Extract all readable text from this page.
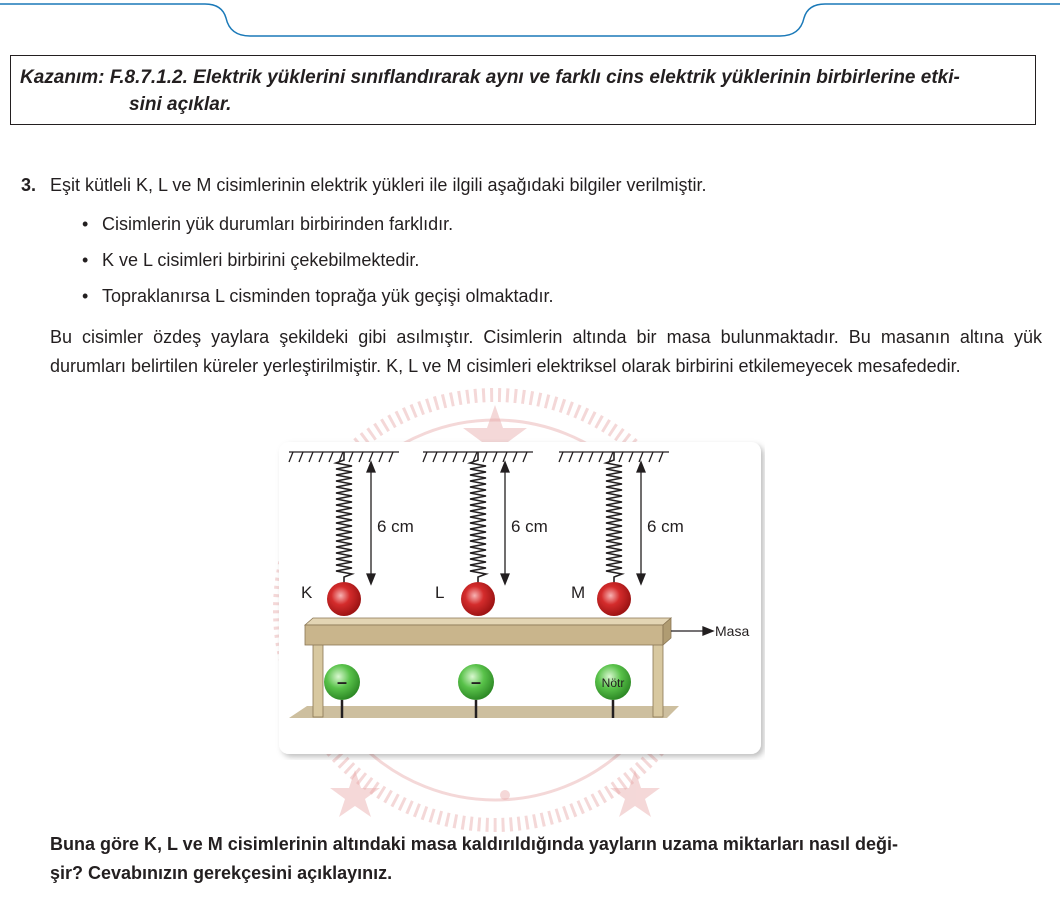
Kazanım: F.8.7.1.2. Elektrik yüklerini sınıflandırarak aynı ve farklı cins elektrik yüklerinin birbirlerine etki-
sini açıklar.
3. Eşit kütleli K, L ve M cisimlerinin elektrik yükleri ile ilgili aşağıdaki bilgiler verilmiştir.
• Cisimlerin yük durumları birbirinden farklıdır.
• K ve L cisimleri birbirini çekebilmektedir.
• Topraklanırsa L cisminden toprağa yük geçişi olmaktadır.
Bu cisimler özdeş yaylara şekildeki gibi asılmıştır. Cisimlerin altında bir masa bulunmaktadır. Bu masanın altına yük durumları belirtilen küreler yerleştirilmiştir. K, L ve M cisimleri elektriksel olarak birbirini etkilemeyecek mesafededir.
6 cm	6 cm	6 cm
K	L	M
Masa
–	–	Nötr
Buna göre K, L ve M cisimlerinin altındaki masa kaldırıldığında yayların uzama miktarları nasıl deği-
şir? Cevabınızın gerekçesini açıklayınız.
